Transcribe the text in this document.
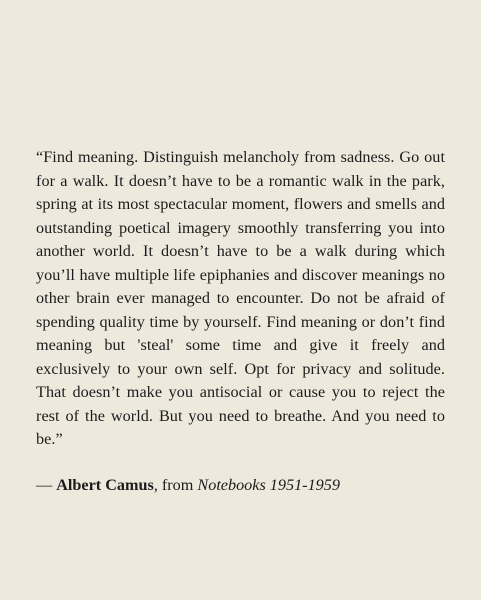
“Find meaning. Distinguish melancholy from sadness. Go out for a walk. It doesn’t have to be a romantic walk in the park, spring at its most spectacular moment, flowers and smells and outstanding poetical imagery smoothly transferring you into another world. It doesn’t have to be a walk during which you’ll have multiple life epiphanies and discover meanings no other brain ever managed to encounter. Do not be afraid of spending quality time by yourself. Find meaning or don’t find meaning but 'steal' some time and give it freely and exclusively to your own self. Opt for privacy and solitude. That doesn’t make you antisocial or cause you to reject the rest of the world. But you need to breathe. And you need to be.”

— Albert Camus, from Notebooks 1951-1959
